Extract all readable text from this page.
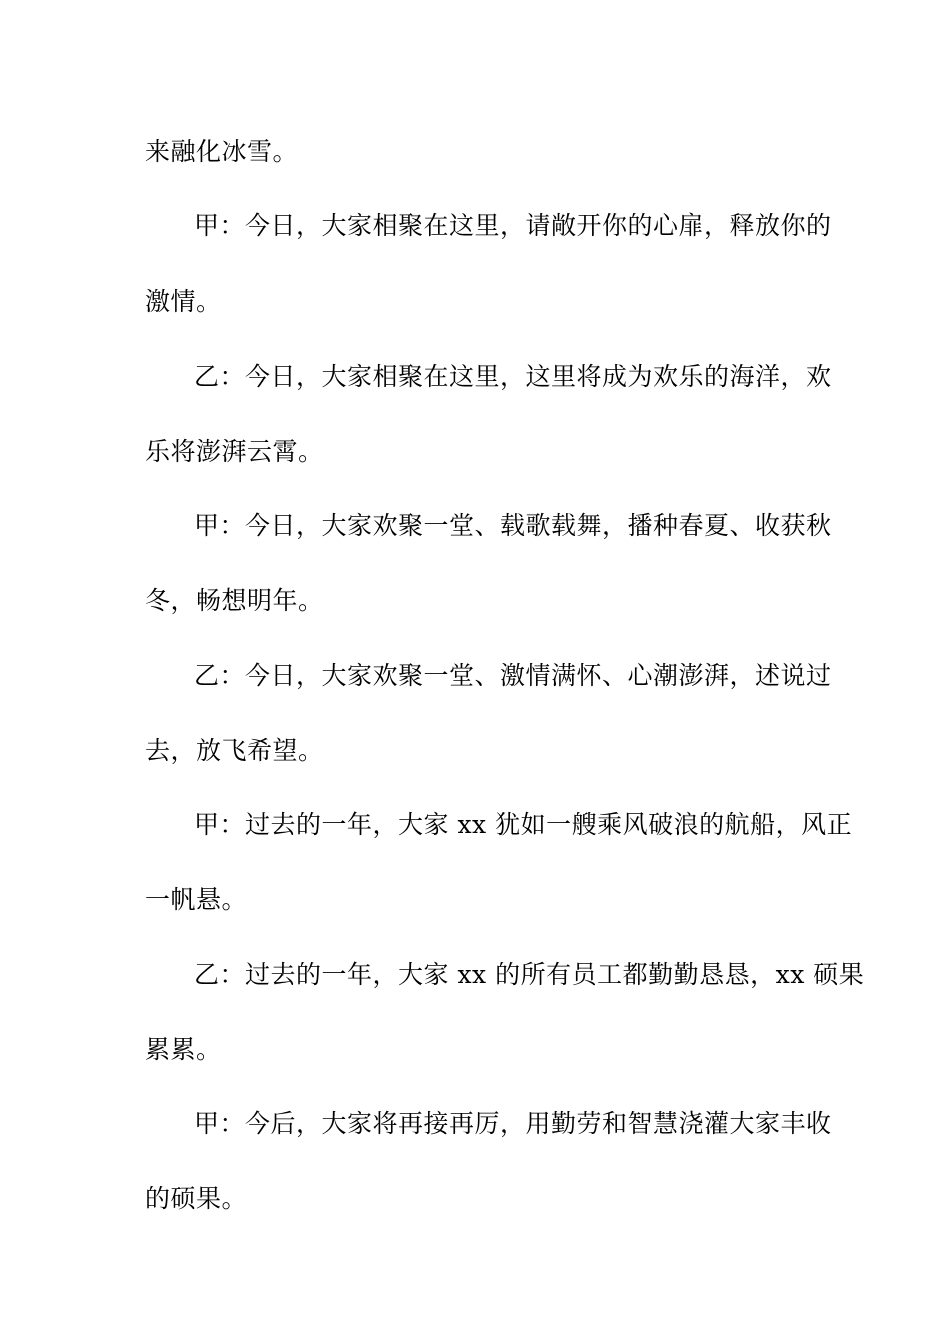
来融化冰雪。
甲：今日，大家相聚在这里，请敞开你的心扉，释放你的
激情。
乙：今日，大家相聚在这里，这里将成为欢乐的海洋，欢
乐将澎湃云霄。
甲：今日，大家欢聚一堂、载歌载舞，播种春夏、收获秋
冬，畅想明年。
乙：今日，大家欢聚一堂、激情满怀、心潮澎湃，述说过
去，放飞希望。
甲：过去的一年，大家 xx 犹如一艘乘风破浪的航船，风正
一帆悬。
乙：过去的一年，大家 xx 的所有员工都勤勤恳恳，xx 硕果
累累。
甲：今后，大家将再接再厉，用勤劳和智慧浇灌大家丰收
的硕果。
